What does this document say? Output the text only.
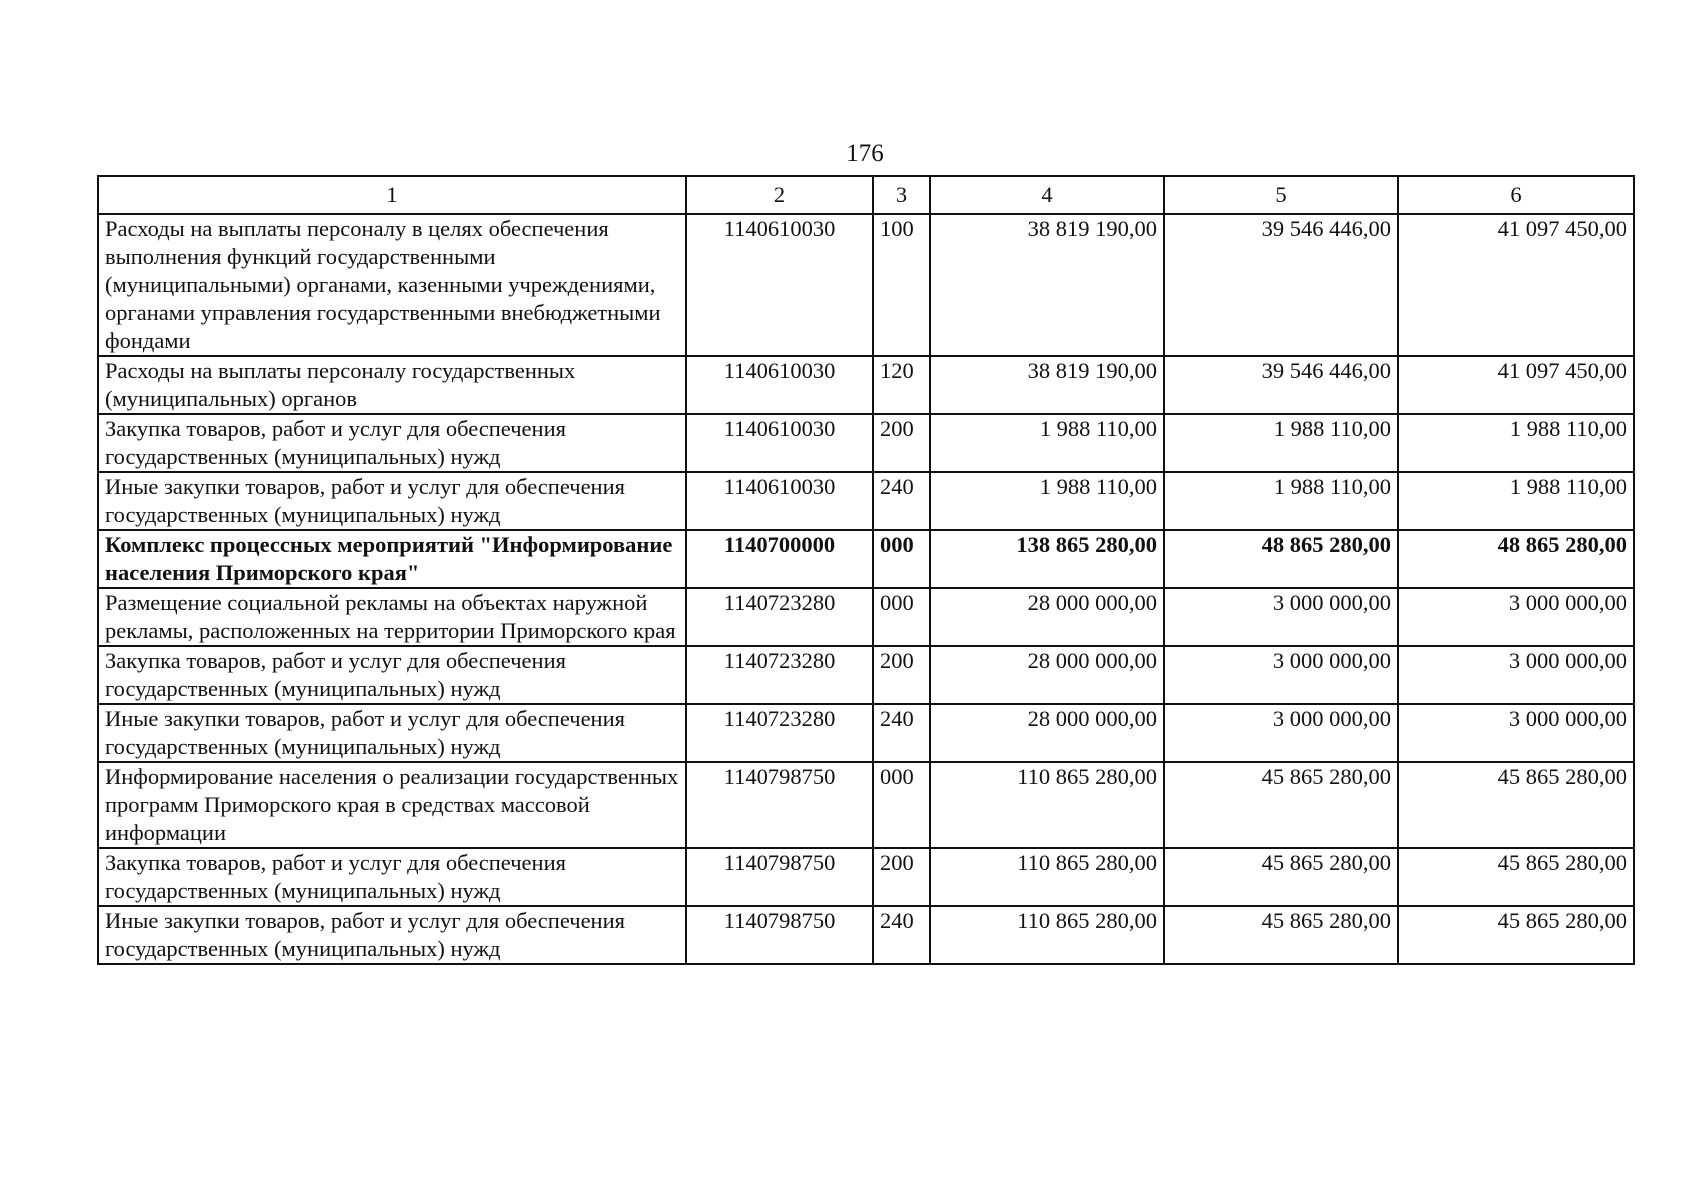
176
1	2	3	4	5	6
Расходы на выплаты персоналу в целях обеспечения выполнения функций государственными (муниципальными) органами, казенными учреждениями, органами управления государственными внебюджетными фондами	1140610030	100	38 819 190,00	39 546 446,00	41 097 450,00
Расходы на выплаты персоналу государственных (муниципальных) органов	1140610030	120	38 819 190,00	39 546 446,00	41 097 450,00
Закупка товаров, работ и услуг для обеспечения государственных (муниципальных) нужд	1140610030	200	1 988 110,00	1 988 110,00	1 988 110,00
Иные закупки товаров, работ и услуг для обеспечения государственных (муниципальных) нужд	1140610030	240	1 988 110,00	1 988 110,00	1 988 110,00
Комплекс процессных мероприятий "Информирование населения Приморского края"	1140700000	000	138 865 280,00	48 865 280,00	48 865 280,00
Размещение социальной рекламы на объектах наружной рекламы, расположенных на территории Приморского края	1140723280	000	28 000 000,00	3 000 000,00	3 000 000,00
Закупка товаров, работ и услуг для обеспечения государственных (муниципальных) нужд	1140723280	200	28 000 000,00	3 000 000,00	3 000 000,00
Иные закупки товаров, работ и услуг для обеспечения государственных (муниципальных) нужд	1140723280	240	28 000 000,00	3 000 000,00	3 000 000,00
Информирование населения о реализации государственных программ Приморского края в средствах массовой информации	1140798750	000	110 865 280,00	45 865 280,00	45 865 280,00
Закупка товаров, работ и услуг для обеспечения государственных (муниципальных) нужд	1140798750	200	110 865 280,00	45 865 280,00	45 865 280,00
Иные закупки товаров, работ и услуг для обеспечения государственных (муниципальных) нужд	1140798750	240	110 865 280,00	45 865 280,00	45 865 280,00
